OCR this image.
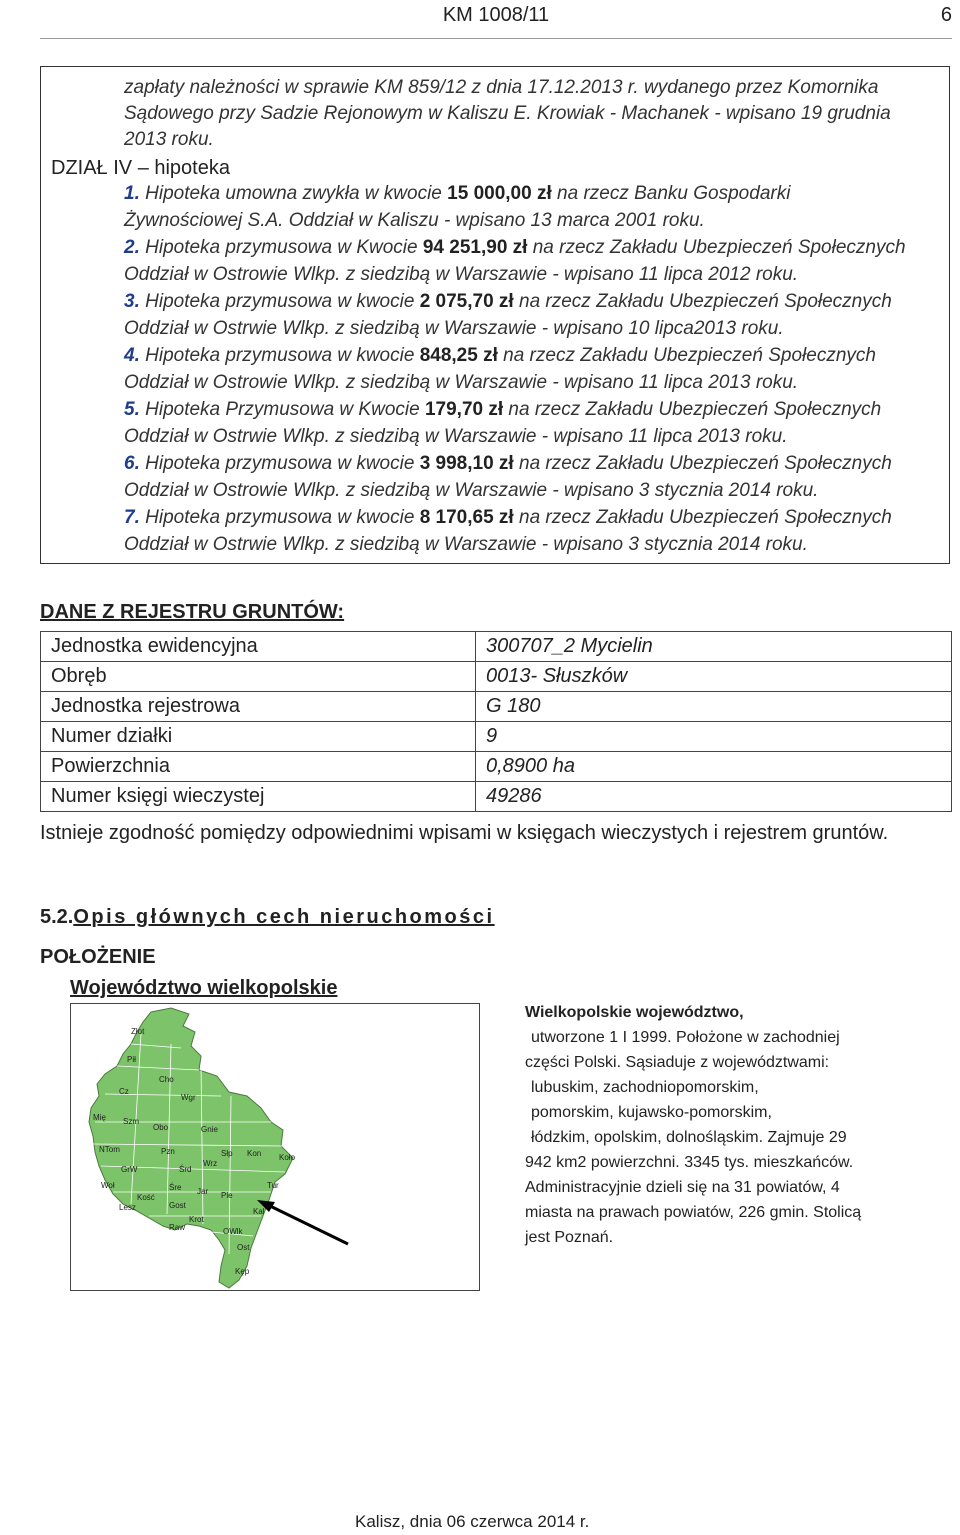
KM 1008/11	6
zapłaty należności w sprawie KM 859/12 z dnia 17.12.2013 r. wydanego przez Komornika
Sądowego przy Sadzie Rejonowym w Kaliszu E. Krowiak - Machanek - wpisano 19 grudnia
2013 roku.
DZIAŁ IV – hipoteka
1. Hipoteka umowna zwykła w kwocie 15 000,00 zł na rzecz Banku Gospodarki
Żywnościowej S.A. Oddział w Kaliszu - wpisano 13 marca 2001 roku.
2. Hipoteka przymusowa w Kwocie 94 251,90 zł na rzecz Zakładu Ubezpieczeń Społecznych
Oddział w Ostrowie Wlkp. z siedzibą w Warszawie - wpisano 11 lipca 2012 roku.
3. Hipoteka przymusowa w kwocie 2 075,70 zł na rzecz Zakładu Ubezpieczeń Społecznych
Oddział w Ostrwie Wlkp. z siedzibą w Warszawie - wpisano 10 lipca2013 roku.
4. Hipoteka przymusowa w kwocie 848,25 zł na rzecz Zakładu Ubezpieczeń Społecznych
Oddział w Ostrowie Wlkp. z siedzibą w Warszawie - wpisano 11 lipca 2013 roku.
5. Hipoteka Przymusowa w Kwocie 179,70 zł na rzecz Zakładu Ubezpieczeń Społecznych
Oddział w Ostrwie Wlkp. z siedzibą w Warszawie - wpisano 11 lipca 2013 roku.
6. Hipoteka przymusowa w kwocie 3 998,10 zł na rzecz Zakładu Ubezpieczeń Społecznych
Oddział w Ostrowie Wlkp. z siedzibą w Warszawie - wpisano 3 stycznia 2014 roku.
7. Hipoteka przymusowa w kwocie 8 170,65 zł na rzecz Zakładu Ubezpieczeń Społecznych
Oddział w Ostrwie Wlkp. z siedzibą w Warszawie - wpisano 3 stycznia 2014 roku.
DANE Z REJESTRU GRUNTÓW:
Jednostka ewidencyjna	300707_2 Mycielin
Obręb	0013- Słuszków
Jednostka rejestrowa	G 180
Numer działki	9
Powierzchnia	0,8900 ha
Numer księgi wieczystej	49286
Istnieje zgodność pomiędzy odpowiednimi wpisami w księgach wieczystych i rejestrem gruntów.
5.2.Opis głównych cech nieruchomości
POŁOŻENIE
Województwo wielkopolskie
Złot
Pił
Cho
Cz
Wgr
Mię Szm
Obo	Gnie
NTom	Pzn	Słp Kon Koło
GrW
Woł
Śrd
Wrz
Śre	Tur
Kość
Lesz
Jar Ple
Gost
Krot
Kal
Raw	OWlk
Ost
Kęp
Wielkopolskie województwo,
utworzone 1 I 1999. Położone w zachodniej
części Polski. Sąsiaduje z województwami:
lubuskim, zachodniopomorskim,
pomorskim, kujawsko-pomorskim,
łódzkim, opolskim, dolnośląskim. Zajmuje 29
942 km2 powierzchni. 3345 tys. mieszkańców.
Administracyjnie dzieli się na 31 powiatów, 4
miasta na prawach powiatów, 226 gmin. Stolicą
jest Poznań.
Kalisz, dnia 06 czerwca 2014 r.
